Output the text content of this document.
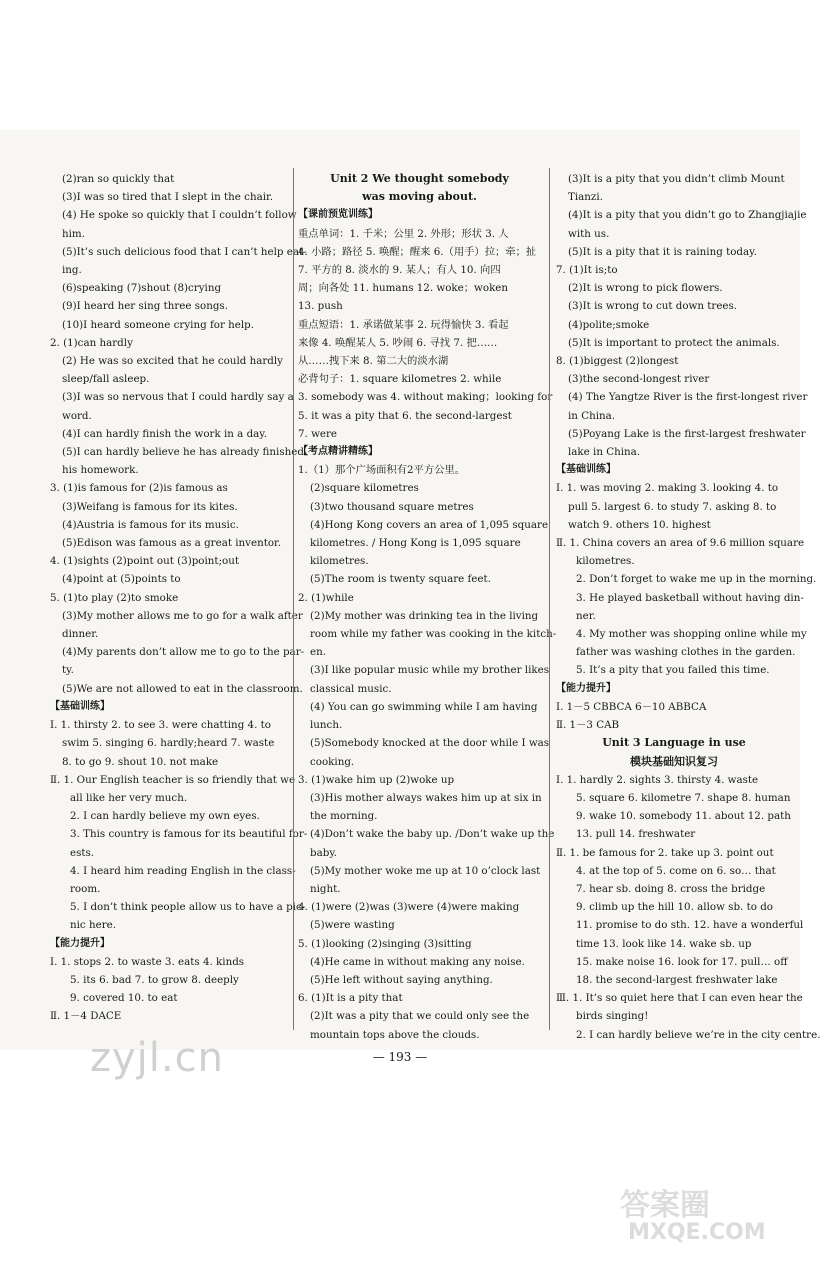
(2)ran so quickly that
(3)I was so tired that I slept in the chair.
(4) He spoke so quickly that I couldn’t follow
him.
(5)It’s such delicious food that I can’t help eat-
ing.
(6)speaking (7)shout (8)crying
(9)I heard her sing three songs.
(10)I heard someone crying for help.
2. (1)can hardly
(2) He was so excited that he could hardly
sleep/fall asleep.
(3)I was so nervous that I could hardly say a
word.
(4)I can hardly finish the work in a day.
(5)I can hardly believe he has already finished
his homework.
3. (1)is famous for (2)is famous as
(3)Weifang is famous for its kites.
(4)Austria is famous for its music.
(5)Edison was famous as a great inventor.
4. (1)sights (2)point out (3)point;out
(4)point at (5)points to
5. (1)to play (2)to smoke
(3)My mother allows me to go for a walk after
dinner.
(4)My parents don’t allow me to go to the par-
ty.
(5)We are not allowed to eat in the classroom.
【基础训练】
Ⅰ. 1. thirsty 2. to see 3. were chatting 4. to
swim 5. singing 6. hardly;heard 7. waste
8. to go 9. shout 10. not make
Ⅱ. 1. Our English teacher is so friendly that we
all like her very much.
2. I can hardly believe my own eyes.
3. This country is famous for its beautiful for-
ests.
4. I heard him reading English in the class-
room.
5. I don’t think people allow us to have a pic-
nic here.
【能力提升】
Ⅰ. 1. stops 2. to waste 3. eats 4. kinds
5. its 6. bad 7. to grow 8. deeply
9. covered 10. to eat
Ⅱ. 1－4 DACE
Unit 2 We thought somebody
was moving about.
【课前预览训练】
重点单词：1. 千米；公里 2. 外形；形状 3. 人
4. 小路；路径 5. 唤醒；醒来 6.（用手）拉；牵；扯
7. 平方的 8. 淡水的 9. 某人；有人 10. 向四
周；向各处 11. humans 12. woke；woken
13. push
重点短语：1. 承诺做某事 2. 玩得愉快 3. 看起
来像 4. 唤醒某人 5. 吵闹 6. 寻找 7. 把……
从……拽下来 8. 第二大的淡水湖
必背句子：1. square kilometres 2. while
3. somebody was 4. without making；looking for
5. it was a pity that 6. the second-largest
7. were
【考点精讲精练】
1.（1）那个广场面积有2平方公里。
(2)square kilometres
(3)two thousand square metres
(4)Hong Kong covers an area of 1,095 square
kilometres. / Hong Kong is 1,095 square
kilometres.
(5)The room is twenty square feet.
2. (1)while
(2)My mother was drinking tea in the living
room while my father was cooking in the kitch-
en.
(3)I like popular music while my brother likes
classical music.
(4) You can go swimming while I am having
lunch.
(5)Somebody knocked at the door while I was
cooking.
3. (1)wake him up (2)woke up
(3)His mother always wakes him up at six in
the morning.
(4)Don’t wake the baby up. /Don’t wake up the
baby.
(5)My mother woke me up at 10 o’clock last
night.
4. (1)were (2)was (3)were (4)were making
(5)were wasting
5. (1)looking (2)singing (3)sitting
(4)He came in without making any noise.
(5)He left without saying anything.
6. (1)It is a pity that
(2)It was a pity that we could only see the
mountain tops above the clouds.
(3)It is a pity that you didn’t climb Mount
Tianzi.
(4)It is a pity that you didn’t go to Zhangjiajie
with us.
(5)It is a pity that it is raining today.
7. (1)It is;to
(2)It is wrong to pick flowers.
(3)It is wrong to cut down trees.
(4)polite;smoke
(5)It is important to protect the animals.
8. (1)biggest (2)longest
(3)the second-longest river
(4) The Yangtze River is the first-longest river
in China.
(5)Poyang Lake is the first-largest freshwater
lake in China.
【基础训练】
Ⅰ. 1. was moving 2. making 3. looking 4. to
pull 5. largest 6. to study 7. asking 8. to
watch 9. others 10. highest
Ⅱ. 1. China covers an area of 9.6 million square
kilometres.
2. Don’t forget to wake me up in the morning.
3. He played basketball without having din-
ner.
4. My mother was shopping online while my
father was washing clothes in the garden.
5. It’s a pity that you failed this time.
【能力提升】
Ⅰ. 1－5 CBBCA 6－10 ABBCA
Ⅱ. 1－3 CAB
Unit 3 Language in use
模块基础知识复习
Ⅰ. 1. hardly 2. sights 3. thirsty 4. waste
5. square 6. kilometre 7. shape 8. human
9. wake 10. somebody 11. about 12. path
13. pull 14. freshwater
Ⅱ. 1. be famous for 2. take up 3. point out
4. at the top of 5. come on 6. so… that
7. hear sb. doing 8. cross the bridge
9. climb up the hill 10. allow sb. to do
11. promise to do sth. 12. have a wonderful
time 13. look like 14. wake sb. up
15. make noise 16. look for 17. pull… off
18. the second-largest freshwater lake
Ⅲ. 1. It’s so quiet here that I can even hear the
birds singing!
2. I can hardly believe we’re in the city centre.
— 193 —
zyjl.cn
答案圈
MXQE.COM
